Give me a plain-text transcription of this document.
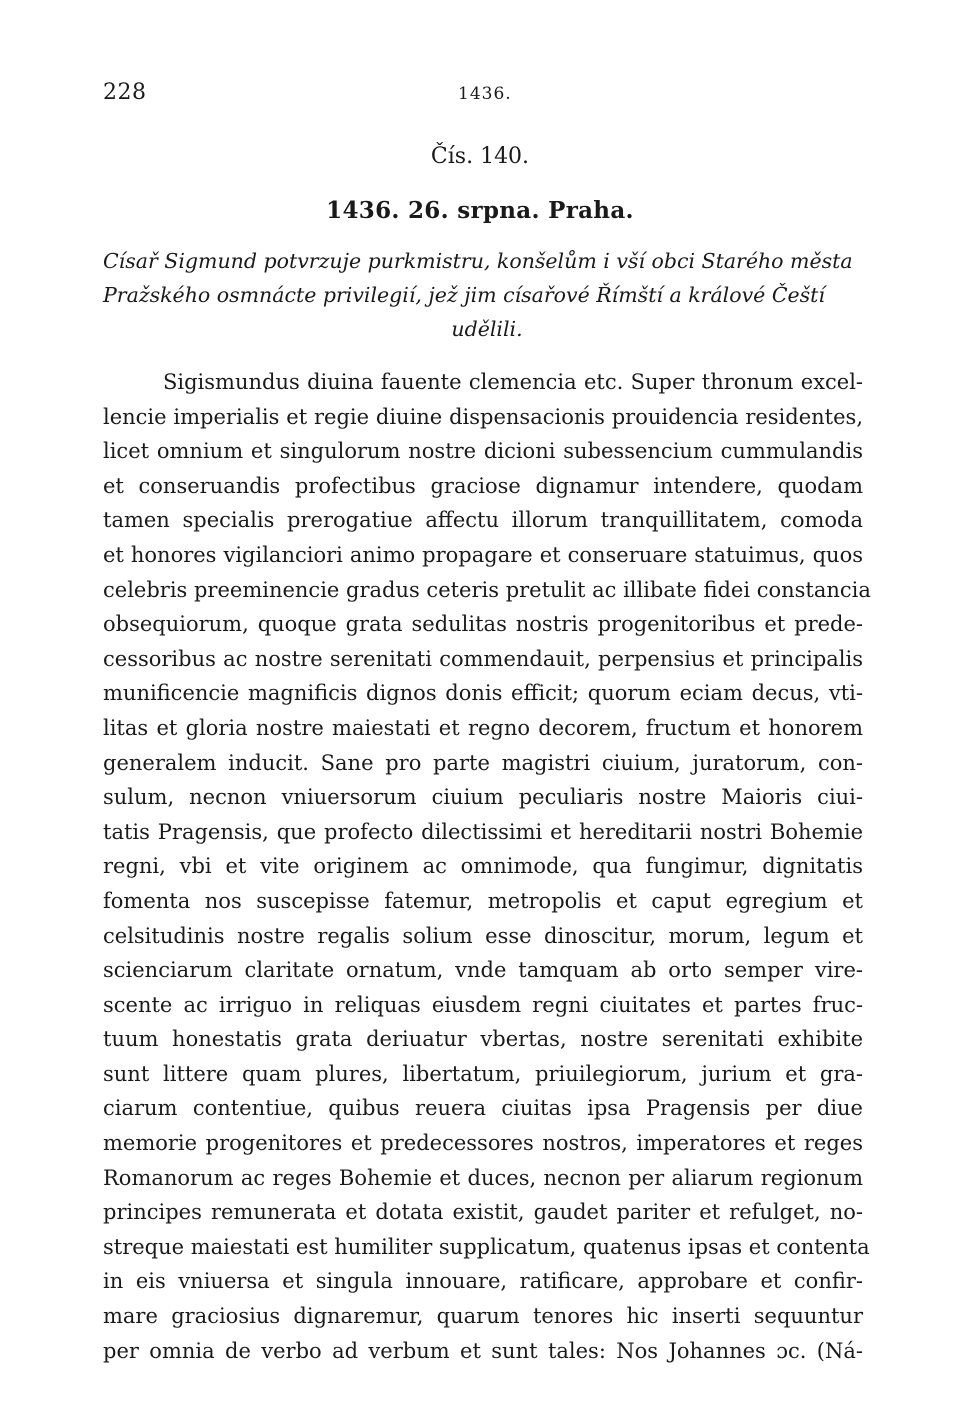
228	1436.
Čís. 140.
1436. 26. srpna. Praha.
Císař Sigmund potvrzuje purkmistru, konšelům i vší obci Starého města
Pražského osmnácte privilegií, jež jim císařové Římští a králové Čeští
udělili.
Sigismundus diuina fauente clemencia etc. Super thronum excel-
lencie imperialis et regie diuine dispensacionis prouidencia residentes,
licet omnium et singulorum nostre dicioni subessencium cummulandis
et conseruandis profectibus graciose dignamur intendere, quodam
tamen specialis prerogatiue affectu illorum tranquillitatem, comoda
et honores vigilanciori animo propagare et conseruare statuimus, quos
celebris preeminencie gradus ceteris pretulit ac illibate fidei constancia
obsequiorum, quoque grata sedulitas nostris progenitoribus et prede-
cessoribus ac nostre serenitati commendauit, perpensius et principalis
munificencie magnificis dignos donis efficit; quorum eciam decus, vti-
litas et gloria nostre maiestati et regno decorem, fructum et honorem
generalem inducit. Sane pro parte magistri ciuium, juratorum, con-
sulum, necnon vniuersorum ciuium peculiaris nostre Maioris ciui-
tatis Pragensis, que profecto dilectissimi et hereditarii nostri Bohemie
regni, vbi et vite originem ac omnimode, qua fungimur, dignitatis
fomenta nos suscepisse fatemur, metropolis et caput egregium et
celsitudinis nostre regalis solium esse dinoscitur, morum, legum et
scienciarum claritate ornatum, vnde tamquam ab orto semper vire-
scente ac irriguo in reliquas eiusdem regni ciuitates et partes fruc-
tuum honestatis grata deriuatur vbertas, nostre serenitati exhibite
sunt littere quam plures, libertatum, priuilegiorum, jurium et gra-
ciarum contentiue, quibus reuera ciuitas ipsa Pragensis per diue
memorie progenitores et predecessores nostros, imperatores et reges
Romanorum ac reges Bohemie et duces, necnon per aliarum regionum
principes remunerata et dotata existit, gaudet pariter et refulget, no-
streque maiestati est humiliter supplicatum, quatenus ipsas et contenta
in eis vniuersa et singula innouare, ratificare, approbare et confir-
mare graciosius dignaremur, quarum tenores hic inserti sequuntur
per omnia de verbo ad verbum et sunt tales: Nos Johannes ɔc. (Ná-
